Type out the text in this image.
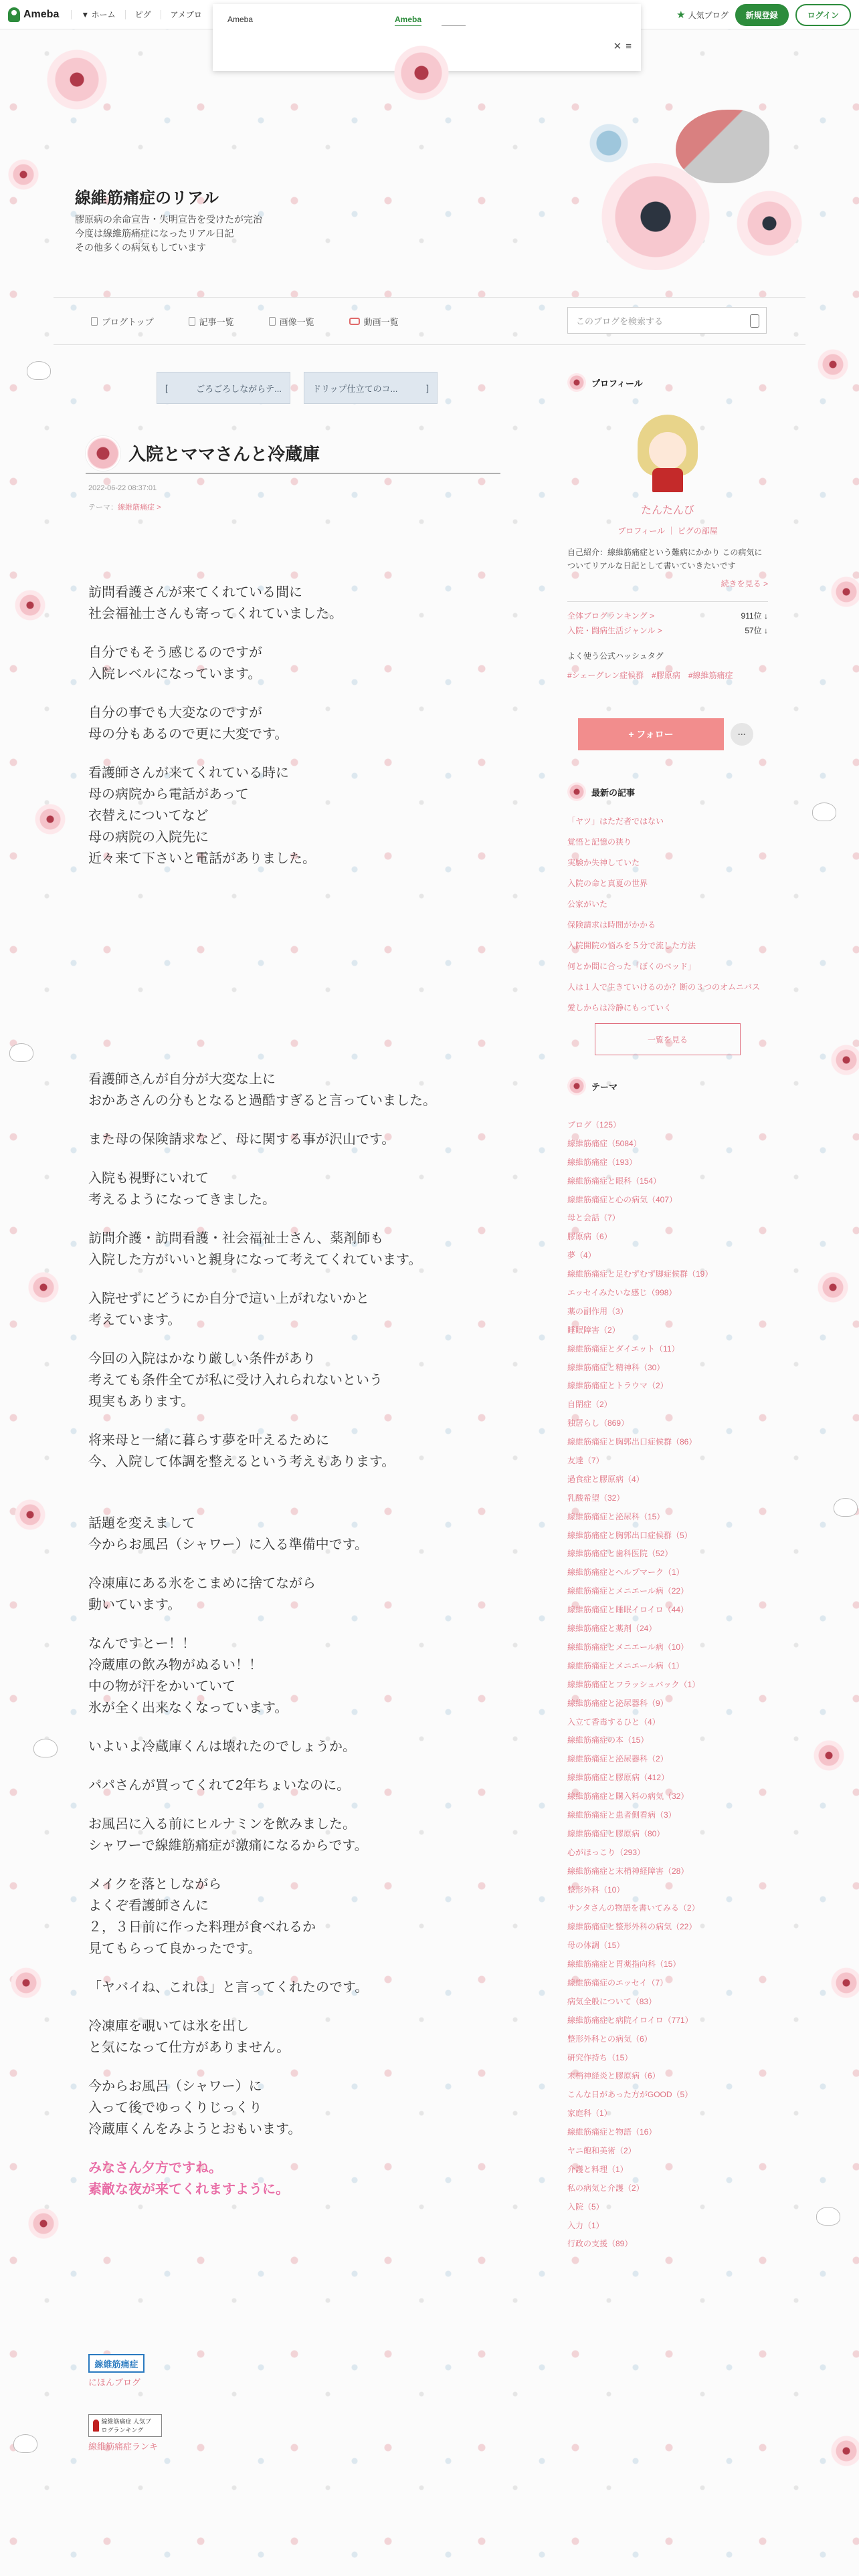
Ameba	▼ ホーム	ピグ	アメブロ	★ 人気ブログ	新規登録	ログイン
Ameba	Ameba
✕ ≡
線維筋痛症のリアル
膠原病の余命宣告・失明宣告を受けたが完治
今度は線維筋痛症になったリアル日記
その他多くの病気もしています
ブログトップ	記事一覧	画像一覧	動画一覧	このブログを検索する
[	ごろごろしながらテ...	ドリップ仕立てのコ...	]
入院とママさんと冷蔵庫
2022-06-22 08:37:01
テーマ：線維筋痛症 >

訪問看護さんが来てくれている間に
社会福祉士さんも寄ってくれていました。

自分でもそう感じるのですが
入院レベルになっています。

自分の事でも大変なのですが
母の分もあるので更に大変です。

看護師さんが来てくれている時に
母の病院から電話があって
衣替えについてなど
母の病院の入院先に
近々来て下さいと電話がありました。

看護師さんが自分が大変な上に
おかあさんの分もとなると過酷すぎると言っていました。

また母の保険請求など、母に関する事が沢山です。

入院も視野にいれて
考えるようになってきました。

訪問介護・訪問看護・社会福祉士さん、薬剤師も
入院した方がいいと親身になって考えてくれています。

入院せずにどうにか自分で這い上がれないかと
考えています。

今回の入院はかなり厳しい条件があり
考えても条件全てが私に受け入れられないという
現実もあります。

将来母と一緒に暮らす夢を叶えるために
今、入院して体調を整えるという考えもあります。

話題を変えまして
今からお風呂（シャワー）に入る準備中です。

冷凍庫にある氷をこまめに捨てながら
動いています。

なんですとー！！
冷蔵庫の飲み物がぬるい！！
中の物が汗をかいていて
氷が全く出来なくなっています。

いよいよ冷蔵庫くんは壊れたのでしょうか。

パパさんが買ってくれて2年ちょいなのに。

お風呂に入る前にヒルナミンを飲みました。
シャワーで線維筋痛症が激痛になるからです。

メイクを落としながら
よくぞ看護師さんに
２，３日前に作った料理が食べれるか
見てもらって良かったです。

「ヤバイね、これは」と言ってくれたのです。

冷凍庫を覗いては氷を出し
と気になって仕方がありません。

今からお風呂（シャワー）に
入って後でゆっくりじっくり
冷蔵庫くんをみようとおもいます。

みなさん夕方ですね。
素敵な夜が来てくれますように。

線維筋痛症
にほんブログ
線維筋痛症 人気ブログランキング
線維筋痛症ランキ
プロフィール
たんたんび
プロフィール ｜ ピグの部屋
自己紹介：線維筋痛症という難病にかかり この病気についてリアルな日記として書いていきたいです
続きを見る >
全体ブログランキング >	911位 ↓
入院・闘病生活ジャンル >	57位 ↓
よく使う公式ハッシュタグ
#シェーグレン症候群 #膠原病 #線維筋痛症
+ フォロー	···
最新の記事
「ヤツ」はただ者ではない
覚悟と記憶の狭り
実験か失神していた
入院の命と真夏の世界
公家がいた
保険請求は時間がかかる
入院開院の悩みを５分で流した方法
何とか間に合った「ぼくのベッド」
人は１人で生きていけるのか？断の３つのオムニバス
愛しからは冷静にもっていく
一覧を見る
テーマ
ブログ（125）
線維筋痛症（5084）
線維筋痛症（193）
線維筋痛症と眼科（154）
線維筋痛症と心の病気（407）
母と会話（7）
膠原病（6）
夢（4）
線維筋痛症と足むずむず脚症候群（19）
エッセイみたいな感じ（998）
薬の副作用（3）
睡眠障害（2）
線維筋痛症とダイエット（11）
線維筋痛症と精神科（30）
線維筋痛症とトラウマ（2）
自閉症（2）
独居らし（869）
線維筋痛症と胸郭出口症候群（86）
友達（7）
過食症と膠原病（4）
乳酸希望（32）
線維筋痛症と泌尿科（15）
線維筋痛症と胸郭出口症候群（5）
線維筋痛症と歯科医院（52）
線維筋痛症とヘルプマーク（1）
線維筋痛症とメニエール病（22）
線維筋痛症と睡眠イロイロ（44）
線維筋痛症と薬剤（24）
線維筋痛症とメニエール病（10）
線維筋痛症とメニエール病（1）
線維筋痛症とフラッシュバック（1）
線維筋痛症と泌尿器科（9）
入立て香毒するひと（4）
線維筋痛症の本（15）
線維筋痛症と泌尿器科（2）
線維筋痛症と膠原病（412）
線維筋痛症と購入料の病気（32）
線維筋痛症と患者側看病（3）
線維筋痛症と膠原病（80）
心がほっこり（293）
線維筋痛症と末梢神経障害（28）
整形外科（10）
サンタさんの物語を書いてみる（2）
線維筋痛症と整形外科の病気（22）
母の体調（15）
線維筋痛症と胃薬指向科（15）
線維筋痛症のエッセイ（7）
病気全般について（83）
線維筋痛症と病院イロイロ（771）
整形外科との病気（6）
研究作持ち（15）
末梢神経炎と膠原病（6）
こんな日があった方がGOOD（5）
家庭科（1）
線維筋痛症と物語（16）
ヤニ飽和美術（2）
介護と料理（1）
私の病気と介護（2）
入院（5）
入力（1）
行政の支援（89）
